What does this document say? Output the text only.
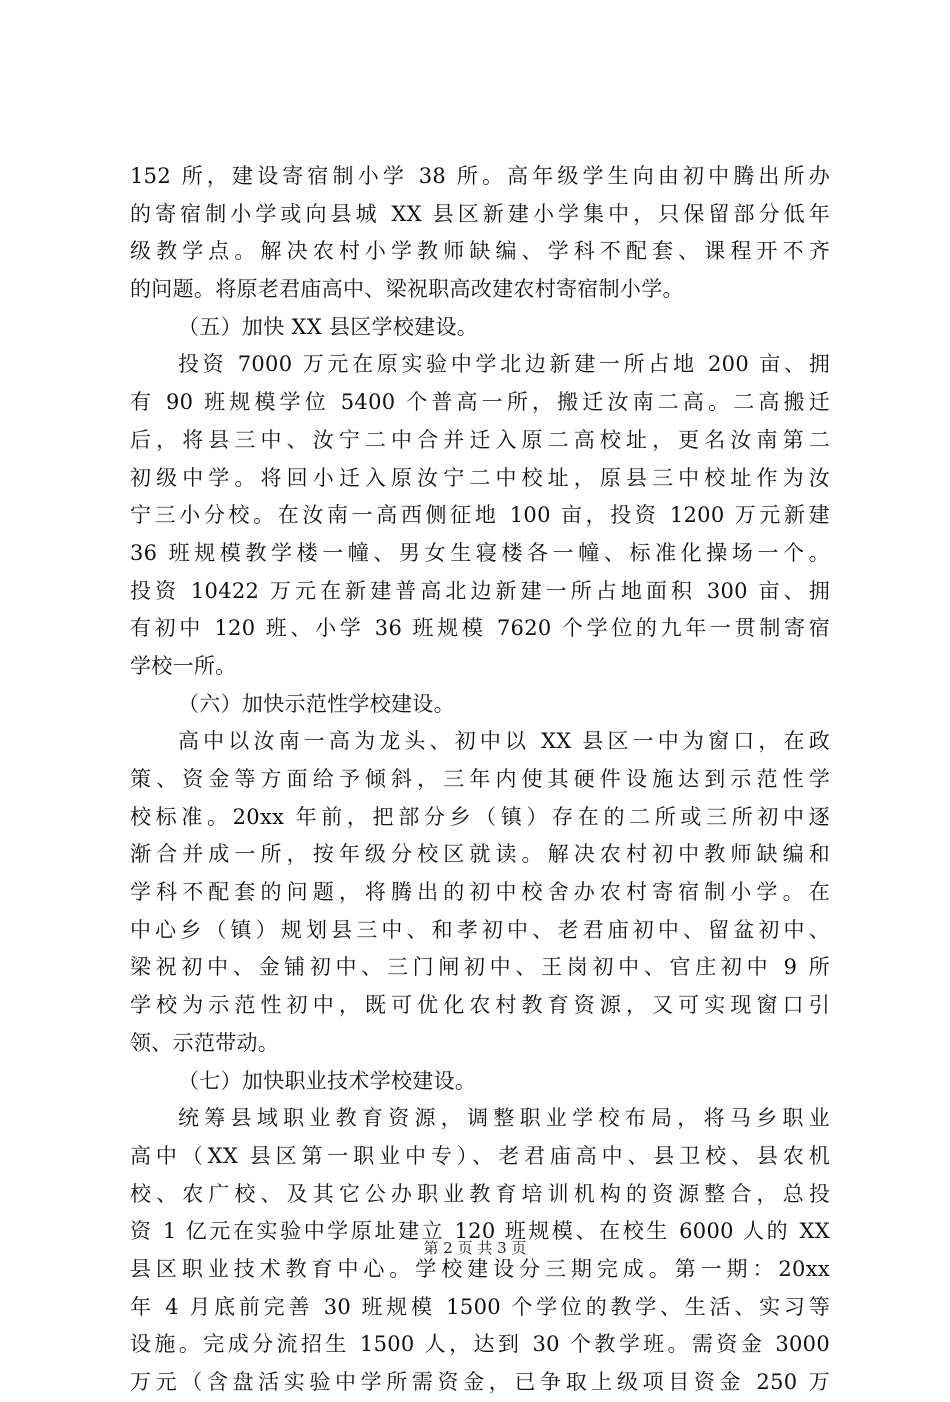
152 所，建设寄宿制小学 38 所。高年级学生向由初中腾出所办
的寄宿制小学或向县城 XX 县区新建小学集中，只保留部分低年
级教学点。解决农村小学教师缺编、学科不配套、课程开不齐
的问题。将原老君庙高中、梁祝职高改建农村寄宿制小学。
（五）加快 XX 县区学校建设。
投资 7000 万元在原实验中学北边新建一所占地 200 亩、拥
有 90 班规模学位 5400 个普高一所，搬迁汝南二高。二高搬迁
后，将县三中、汝宁二中合并迁入原二高校址，更名汝南第二
初级中学。将回小迁入原汝宁二中校址，原县三中校址作为汝
宁三小分校。在汝南一高西侧征地 100 亩，投资 1200 万元新建
36 班规模教学楼一幢、男女生寝楼各一幢、标准化操场一个。
投资 10422 万元在新建普高北边新建一所占地面积 300 亩、拥
有初中 120 班、小学 36 班规模 7620 个学位的九年一贯制寄宿
学校一所。
（六）加快示范性学校建设。
高中以汝南一高为龙头、初中以 XX 县区一中为窗口，在政
策、资金等方面给予倾斜，三年内使其硬件设施达到示范性学
校标准。20xx 年前，把部分乡（镇）存在的二所或三所初中逐
渐合并成一所，按年级分校区就读。解决农村初中教师缺编和
学科不配套的问题，将腾出的初中校舍办农村寄宿制小学。在
中心乡（镇）规划县三中、和孝初中、老君庙初中、留盆初中、
梁祝初中、金铺初中、三门闸初中、王岗初中、官庄初中 9 所
学校为示范性初中，既可优化农村教育资源，又可实现窗口引
领、示范带动。
（七）加快职业技术学校建设。
统筹县域职业教育资源，调整职业学校布局，将马乡职业
高中（XX 县区第一职业中专）、老君庙高中、县卫校、县农机
校、农广校、及其它公办职业教育培训机构的资源整合，总投
资 1 亿元在实验中学原址建立 120 班规模、在校生 6000 人的 XX
县区职业技术教育中心。学校建设分三期完成。第一期：20xx
年 4 月底前完善 30 班规模 1500 个学位的教学、生活、实习等
设施。完成分流招生 1500 人，达到 30 个教学班。需资金 3000
万元（含盘活实验中学所需资金，已争取上级项目资金 250 万
第 2 页 共 3 页
